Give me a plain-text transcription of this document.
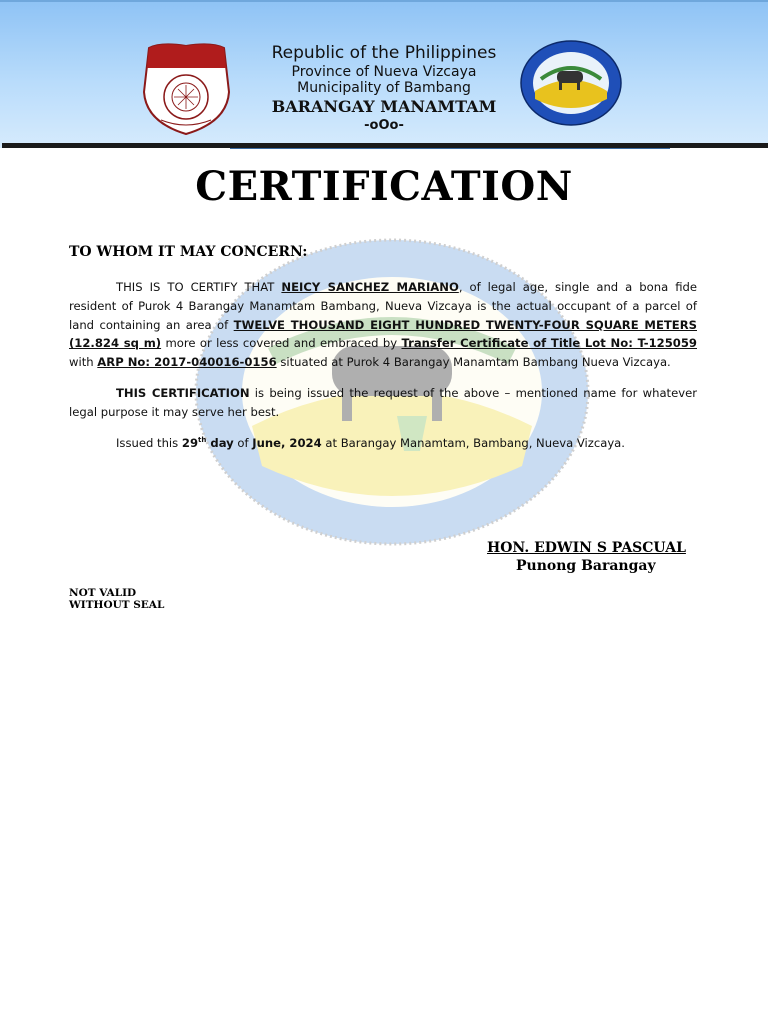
Republic of the Philippines
Province of Nueva Vizcaya
Municipality of Bambang
BARANGAY MANAMTAM
-oOo-
CERTIFICATION
TO WHOM IT MAY CONCERN:
THIS IS TO CERTIFY THAT NEICY SANCHEZ MARIANO, of legal age, single and a bona fide resident of Purok 4 Barangay Manamtam Bambang, Nueva Vizcaya is the actual occupant of a parcel of land containing an area of TWELVE THOUSAND EIGHT HUNDRED TWENTY-FOUR SQUARE METERS (12.824 sq m) more or less covered and embraced by Transfer Certificate of Title Lot No: T-125059 with ARP No: 2017-040016-0156 situated at Purok 4 Barangay Manamtam Bambang Nueva Vizcaya.
THIS CERTIFICATION is being issued the request of the above – mentioned name for whatever legal purpose it may serve her best.
Issued this 29th day of June, 2024 at Barangay Manamtam, Bambang, Nueva Vizcaya.
HON. EDWIN S PASCUAL
Punong Barangay
NOT VALID
WITHOUT SEAL
